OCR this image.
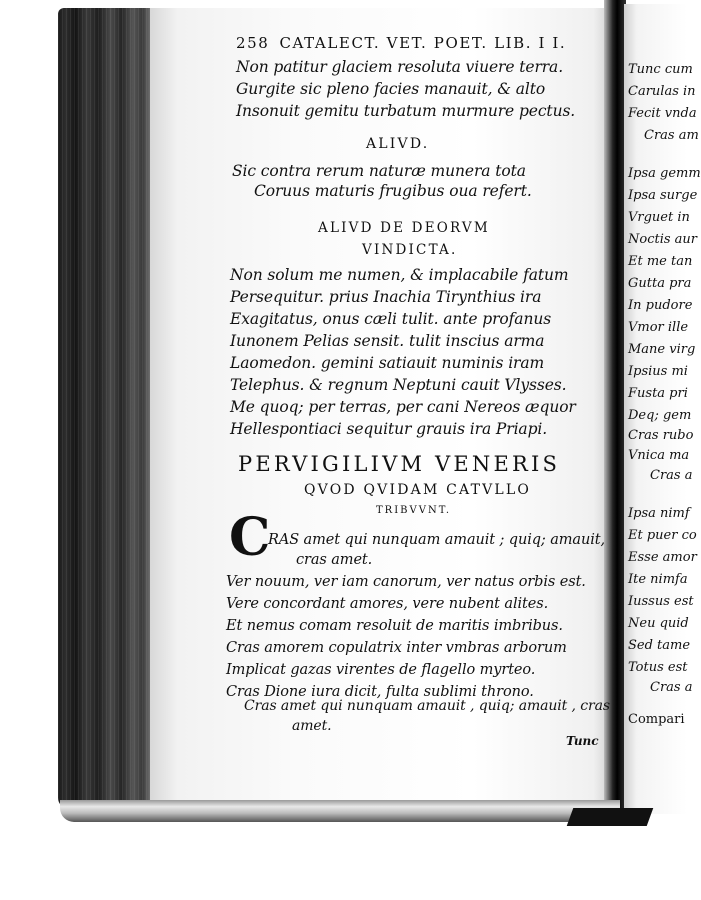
258 CATALECT. VET. POET. LIB. I I.
Non patitur glaciem resoluta viuere terra.
Gurgite sic pleno facies manauit, & alto
Insonuit gemitu turbatum murmure pectus.
ALIVD.
Sic contra rerum naturæ munera tota
Coruus maturis frugibus oua refert.
ALIVD DE DEORVM
VINDICTA.
Non solum me numen, & implacabile fatum
Persequitur. prius Inachia Tirynthius ira
Exagitatus, onus cæli tulit. ante profanus
Iunonem Pelias sensit. tulit inscius arma
Laomedon. gemini satiauit numinis iram
Telephus. & regnum Neptuni cauit Vlysses.
Me quoq; per terras, per cani Nereos æquor
Hellespontiaci sequitur grauis ira Priapi.
PERVIGILIVM VENERIS
QVOD QVIDAM CATVLLO
TRIBVVNT.
C
RAS amet qui nunquam amauit ; quiq; amauit,
cras amet.
Ver nouum, ver iam canorum, ver natus orbis est.
Vere concordant amores, vere nubent alites.
Et nemus comam resoluit de maritis imbribus.
Cras amorem copulatrix inter vmbras arborum
Implicat gazas virentes de flagello myrteo.
Cras Dione iura dicit, fulta sublimi throno.
Cras amet qui nunquam amauit , quiq; amauit , cras
amet.
Tunc
Tunc cum
Carulas in
Fecit vnda
Cras am
Ipsa gemm
Ipsa surge
Vrguet in
Noctis aur
Et me tan
Gutta pra
In pudore
Vmor ille
Mane virg
Ipsius mi
Fusta pri
Deq; gem
Cras rubo
Vnica ma
Cras a
Ipsa nimf
Et puer co
Esse amor
Ite nimfa
Iussus est
Neu quid
Sed tame
Totus est
Cras a
Compari
